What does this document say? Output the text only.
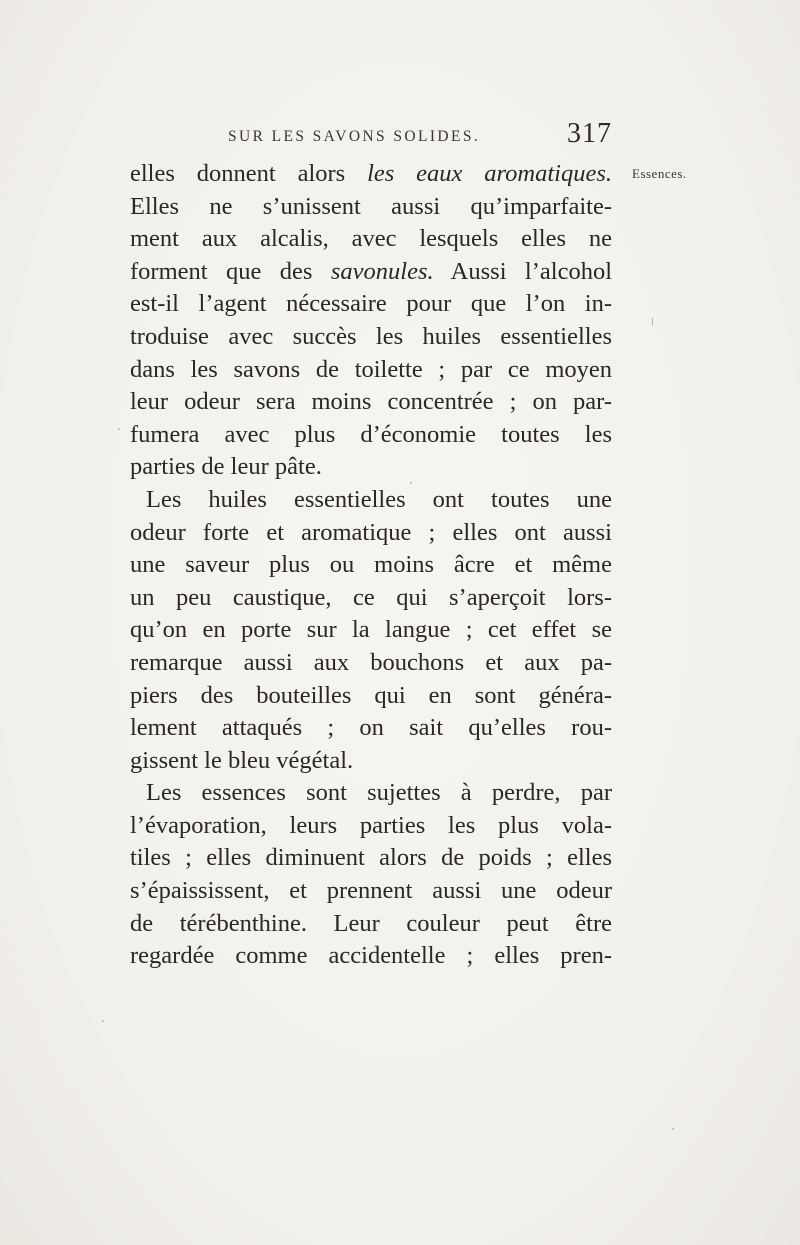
SUR LES SAVONS SOLIDES.	317
Essences.
elles donnent alors les eaux aromatiques.
Elles ne s’unissent aussi qu’imparfaite-
ment aux alcalis, avec lesquels elles ne
forment que des savonules. Aussi l’alcohol
est-il l’agent nécessaire pour que l’on in-
troduise avec succès les huiles essentielles
dans les savons de toilette ; par ce moyen
leur odeur sera moins concentrée ; on par-
fumera avec plus d’économie toutes les
parties de leur pâte.
Les huiles essentielles ont toutes une
odeur forte et aromatique ; elles ont aussi
une saveur plus ou moins âcre et même
un peu caustique, ce qui s’aperçoit lors-
qu’on en porte sur la langue ; cet effet se
remarque aussi aux bouchons et aux pa-
piers des bouteilles qui en sont généra-
lement attaqués ; on sait qu’elles rou-
gissent le bleu végétal.
Les essences sont sujettes à perdre, par
l’évaporation, leurs parties les plus vola-
tiles ; elles diminuent alors de poids ; elles
s’épaississent, et prennent aussi une odeur
de térébenthine. Leur couleur peut être
regardée comme accidentelle ; elles pren-
